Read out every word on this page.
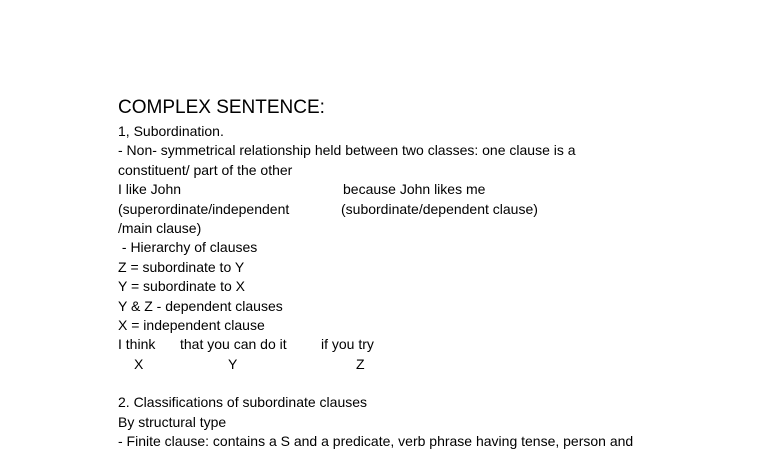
COMPLEX SENTENCE:
1, Subordination.
- Non- symmetrical relationship held between two classes: one clause is a
constituent/ part of the other
I like John	because John likes me
(superordinate/independent	(subordinate/dependent clause)
/main clause)
- Hierarchy of clauses
Z = subordinate to Y
Y = subordinate to X
Y & Z - dependent clauses
X = independent clause
I think that you can do it if you try
X	Y	Z
2. Classifications of subordinate clauses
By structural type
- Finite clause: contains a S and a predicate, verb phrase having tense, person and
